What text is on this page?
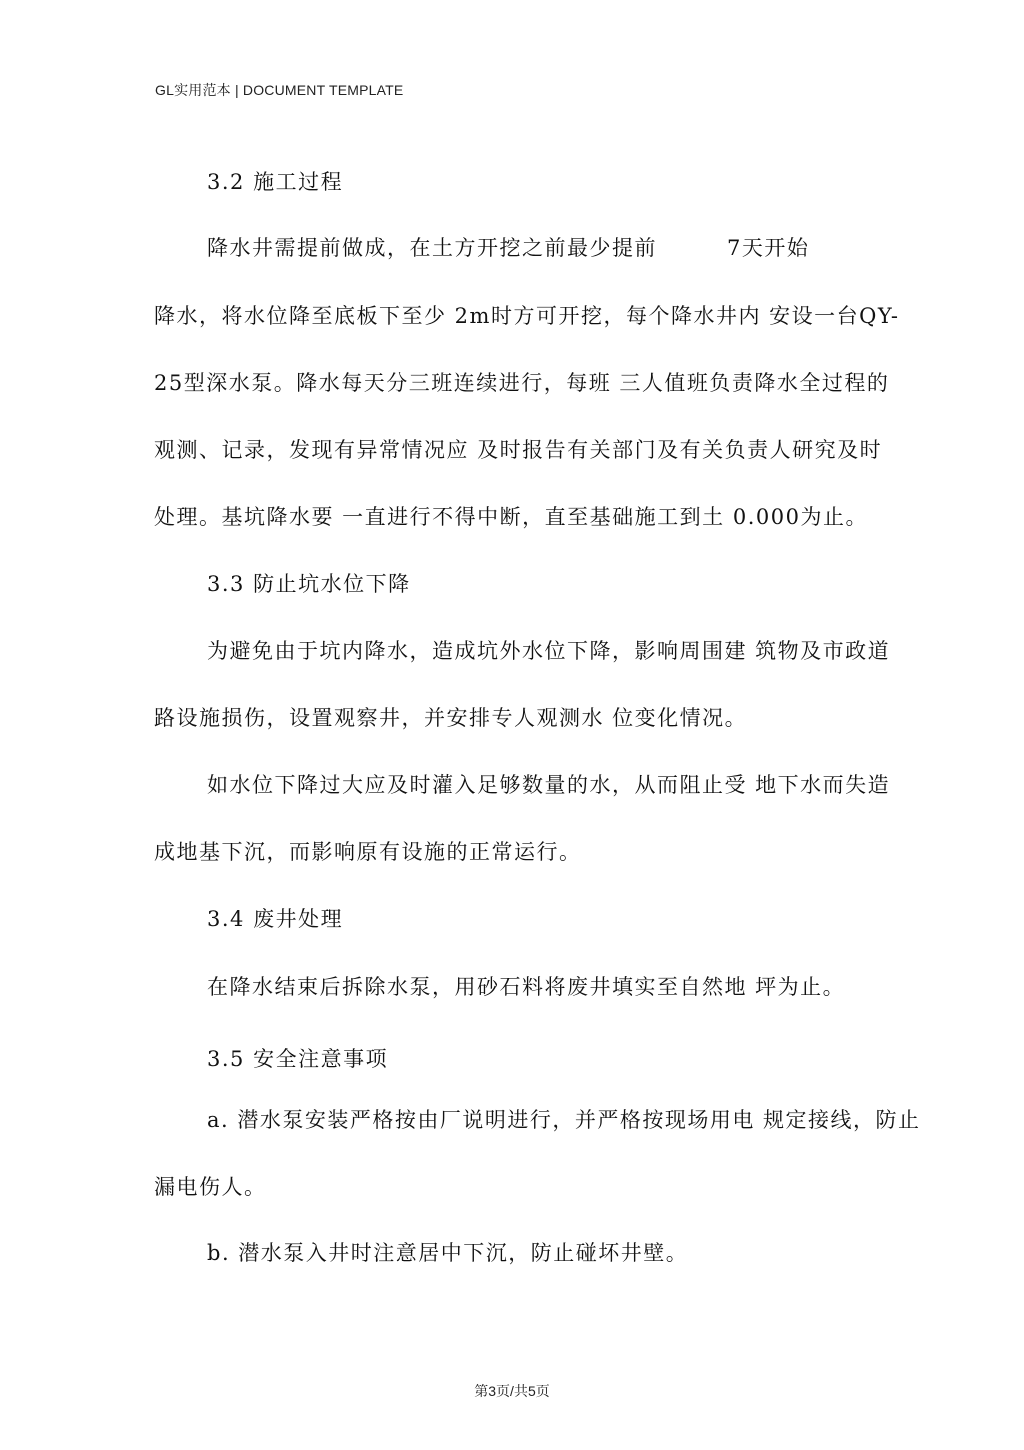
GL实用范本 | DOCUMENT TEMPLATE
3.2 施工过程
降水井需提前做成，在土方开挖之前最少提前	7天开始
降水，将水位降至底板下至少 2m时方可开挖，每个降水井内 安设一台QY-
25型深水泵。降水每天分三班连续进行，每班 三人值班负责降水全过程的
观测、记录，发现有异常情况应 及时报告有关部门及有关负责人研究及时
处理。基坑降水要 一直进行不得中断，直至基础施工到土 0.000为止。
3.3 防止坑水位下降
为避免由于坑内降水，造成坑外水位下降，影响周围建 筑物及市政道
路设施损伤，设置观察井，并安排专人观测水 位变化情况。
如水位下降过大应及时灌入足够数量的水，从而阻止受 地下水而失造
成地基下沉，而影响原有设施的正常运行。
3.4 废井处理
在降水结束后拆除水泵，用砂石料将废井填实至自然地 坪为止。
3.5 安全注意事项
a. 潜水泵安装严格按由厂说明进行，并严格按现场用电 规定接线，防止
漏电伤人。
b. 潜水泵入井时注意居中下沉，防止碰坏井壁。
第3页/共5页
